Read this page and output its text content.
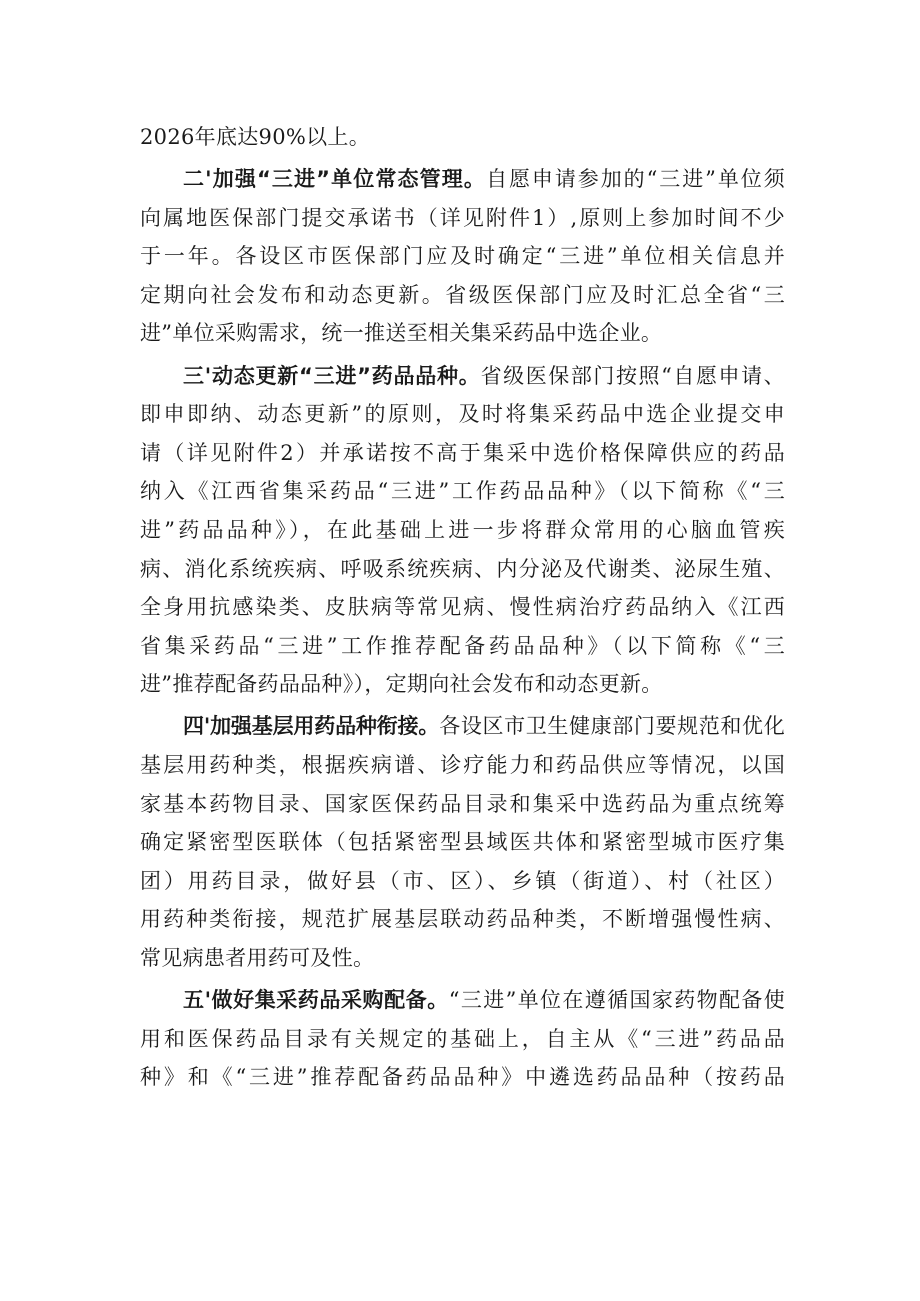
2026年底达90%以上。
二'加强“三进”单位常态管理。自愿申请参加的“三进”单位须
向属地医保部门提交承诺书（详见附件1）,原则上参加时间不少
于一年。各设区市医保部门应及时确定“三进”单位相关信息并
定期向社会发布和动态更新。省级医保部门应及时汇总全省“三
进”单位采购需求，统一推送至相关集采药品中选企业。
三'动态更新“三进”药品品种。省级医保部门按照“自愿申请、
即申即纳、动态更新”的原则，及时将集采药品中选企业提交申
请（详见附件2）并承诺按不高于集采中选价格保障供应的药品
纳入《江西省集采药品“三进”工作药品品种》（以下简称《“三
进”药品品种》），在此基础上进一步将群众常用的心脑血管疾
病、消化系统疾病、呼吸系统疾病、内分泌及代谢类、泌尿生殖、
全身用抗感染类、皮肤病等常见病、慢性病治疗药品纳入《江西
省集采药品“三进”工作推荐配备药品品种》（以下简称《“三
进”推荐配备药品品种》），定期向社会发布和动态更新。
四'加强基层用药品种衔接。各设区市卫生健康部门要规范和优化
基层用药种类，根据疾病谱、诊疗能力和药品供应等情况，以国
家基本药物目录、国家医保药品目录和集采中选药品为重点统筹
确定紧密型医联体（包括紧密型县域医共体和紧密型城市医疗集
团）用药目录，做好县（市、区）、乡镇（街道）、村（社区）
用药种类衔接，规范扩展基层联动药品种类，不断增强慢性病、
常见病患者用药可及性。
五'做好集采药品采购配备。“三进”单位在遵循国家药物配备使
用和医保药品目录有关规定的基础上，自主从《“三进”药品品
种》和《“三进”推荐配备药品品种》中遴选药品品种（按药品
